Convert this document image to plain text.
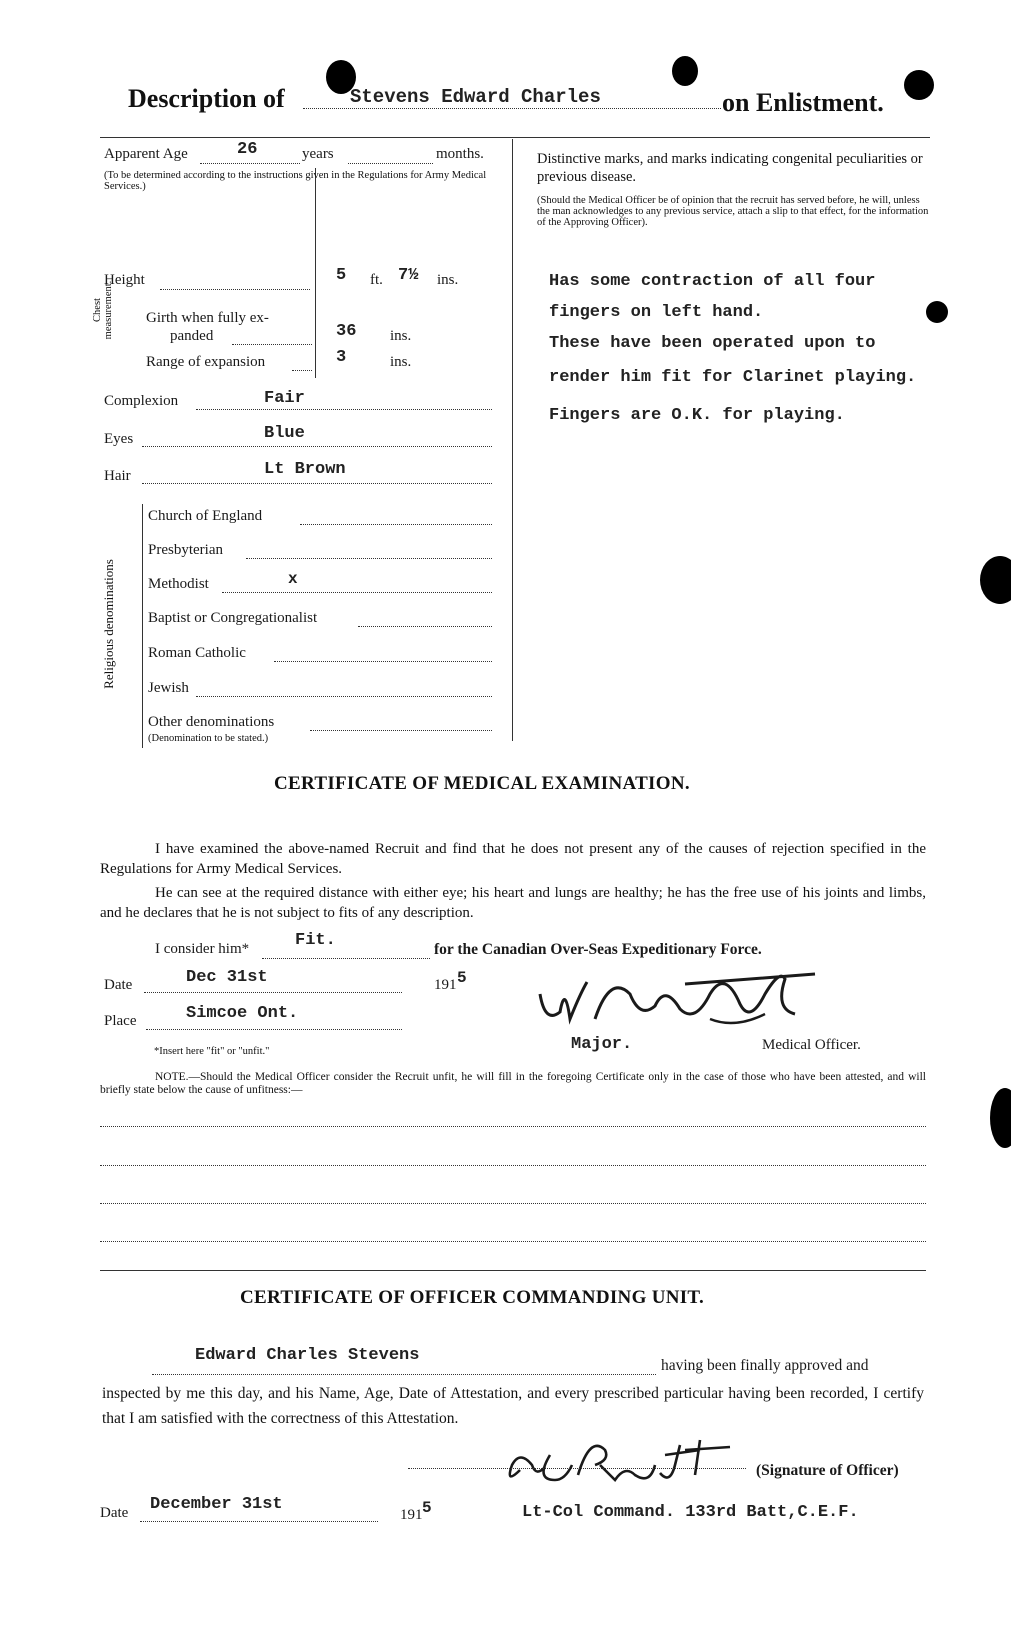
Description of	Stevens Edward Charles	on Enlistment.
Apparent Age	26	years	months.
(To be determined according to the instructions given in the Regulations for Army Medical Services.)
Height	5 ft. 7½ ins.
Chest measurement. Girth when fully ex-
panded	36 ins.
Range of expansion	3	ins.
Complexion	Fair
Eyes	Blue
Hair	Lt Brown
Religious denominations
Church of England
Presbyterian
Methodist	x
Baptist or Congregationalist
Roman Catholic
Jewish
Other denominations
(Denomination to be stated.)
Distinctive marks, and marks indicating congenital peculiarities or previous disease.
(Should the Medical Officer be of opinion that the recruit has served before, he will, unless the man acknowledges to any previous service, attach a slip to that effect, for the information of the Approving Officer).
Has some contraction of all four
fingers on left hand.
These have been operated upon to
render him fit for Clarinet playing.
Fingers are O.K. for playing.
CERTIFICATE OF MEDICAL EXAMINATION.
I have examined the above-named Recruit and find that he does not present any of the causes of rejection specified in the Regulations for Army Medical Services.
He can see at the required distance with either eye; his heart and lungs are healthy; he has the free use of his joints and limbs, and he declares that he is not subject to fits of any description.
I consider him*	Fit.	for the Canadian Over-Seas Expeditionary Force.
Date	Dec 31st	191 5
Place	Simcoe Ont.
*Insert here "fit" or "unfit."	Major.	Medical Officer.
NOTE.—Should the Medical Officer consider the Recruit unfit, he will fill in the foregoing Certificate only in the case of those who have been attested, and will briefly state below the cause of unfitness:—
CERTIFICATE OF OFFICER COMMANDING UNIT.
Edward Charles Stevens
having been finally approved and
inspected by me this day, and his Name, Age, Date of Attestation, and every prescribed particular having been recorded, I certify that I am satisfied with the correctness of this Attestation.
(Signature of Officer)
Date December 31st
191 5	Lt-Col Command. 133rd Batt,C.E.F.
